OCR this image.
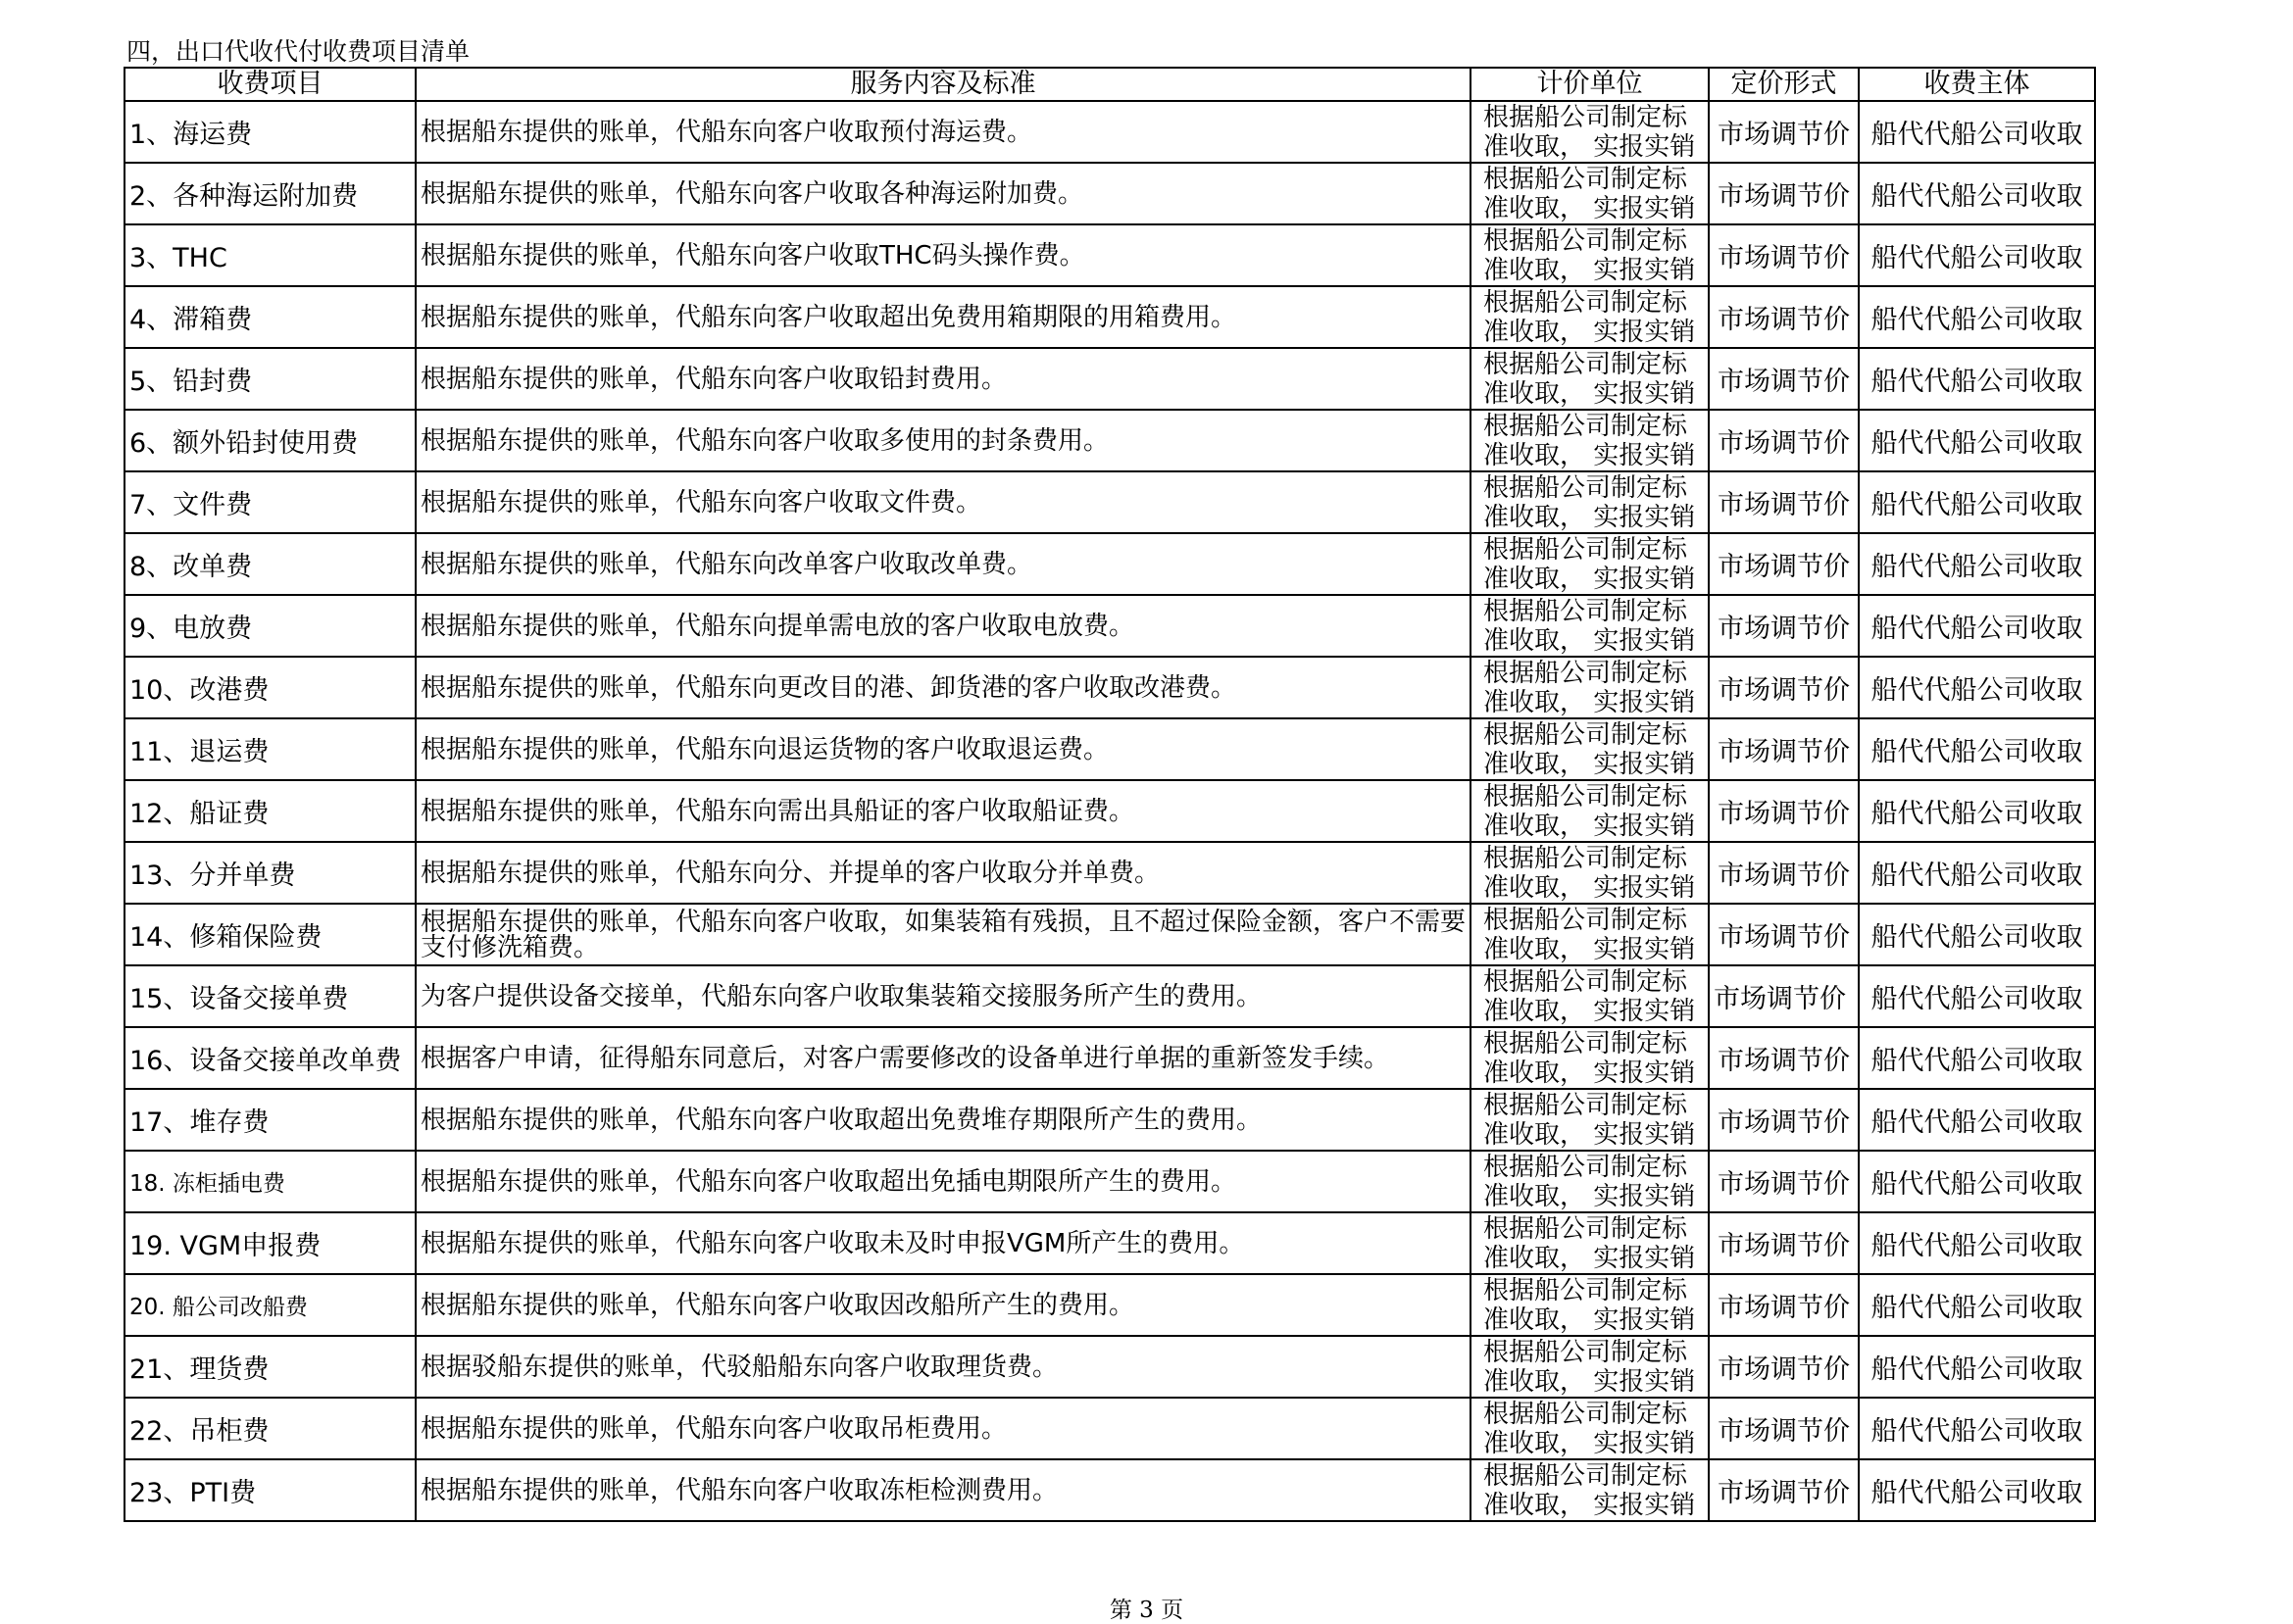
四，出口代收代付收费项目清单
收费项目	服务内容及标准	计价单位	定价形式	收费主体
1、海运费	根据船东提供的账单，代船东向客户收取预付海运费。	根据船公司制定标
准收取， 实报实销	市场调节价	船代代船公司收取
2、各种海运附加费	根据船东提供的账单，代船东向客户收取各种海运附加费。	根据船公司制定标
准收取， 实报实销	市场调节价	船代代船公司收取
3、THC	根据船东提供的账单，代船东向客户收取THC码头操作费。	根据船公司制定标
准收取， 实报实销	市场调节价	船代代船公司收取
4、滞箱费	根据船东提供的账单，代船东向客户收取超出免费用箱期限的用箱费用。	根据船公司制定标
准收取， 实报实销	市场调节价	船代代船公司收取
5、铅封费	根据船东提供的账单，代船东向客户收取铅封费用。	根据船公司制定标
准收取， 实报实销	市场调节价	船代代船公司收取
6、额外铅封使用费	根据船东提供的账单，代船东向客户收取多使用的封条费用。	根据船公司制定标
准收取， 实报实销	市场调节价	船代代船公司收取
7、文件费	根据船东提供的账单，代船东向客户收取文件费。	根据船公司制定标
准收取， 实报实销	市场调节价	船代代船公司收取
8、改单费	根据船东提供的账单，代船东向改单客户收取改单费。	根据船公司制定标
准收取， 实报实销	市场调节价	船代代船公司收取
9、电放费	根据船东提供的账单，代船东向提单需电放的客户收取电放费。	根据船公司制定标
准收取， 实报实销	市场调节价	船代代船公司收取
10、改港费	根据船东提供的账单，代船东向更改目的港、卸货港的客户收取改港费。	根据船公司制定标
准收取， 实报实销	市场调节价	船代代船公司收取
11、退运费	根据船东提供的账单，代船东向退运货物的客户收取退运费。	根据船公司制定标
准收取， 实报实销	市场调节价	船代代船公司收取
12、船证费	根据船东提供的账单，代船东向需出具船证的客户收取船证费。	根据船公司制定标
准收取， 实报实销	市场调节价	船代代船公司收取
13、分并单费	根据船东提供的账单，代船东向分、并提单的客户收取分并单费。	根据船公司制定标
准收取， 实报实销	市场调节价	船代代船公司收取
14、修箱保险费	根据船东提供的账单，代船东向客户收取，如集装箱有残损，且不超过保险金额，客户不需要支付修洗箱费。	根据船公司制定标
准收取， 实报实销	市场调节价	船代代船公司收取
15、设备交接单费	为客户提供设备交接单，代船东向客户收取集装箱交接服务所产生的费用。	根据船公司制定标
准收取， 实报实销	市场调节价	船代代船公司收取
16、设备交接单改单费	根据客户申请，征得船东同意后，对客户需要修改的设备单进行单据的重新签发手续。	根据船公司制定标
准收取， 实报实销	市场调节价	船代代船公司收取
17、堆存费	根据船东提供的账单，代船东向客户收取超出免费堆存期限所产生的费用。	根据船公司制定标
准收取， 实报实销	市场调节价	船代代船公司收取
18. 冻柜插电费	根据船东提供的账单，代船东向客户收取超出免插电期限所产生的费用。	根据船公司制定标
准收取， 实报实销	市场调节价	船代代船公司收取
19. VGM申报费	根据船东提供的账单，代船东向客户收取未及时申报VGM所产生的费用。	根据船公司制定标
准收取， 实报实销	市场调节价	船代代船公司收取
20. 船公司改船费	根据船东提供的账单，代船东向客户收取因改船所产生的费用。	根据船公司制定标
准收取， 实报实销	市场调节价	船代代船公司收取
21、理货费	根据驳船东提供的账单，代驳船船东向客户收取理货费。	根据船公司制定标
准收取， 实报实销	市场调节价	船代代船公司收取
22、吊柜费	根据船东提供的账单，代船东向客户收取吊柜费用。	根据船公司制定标
准收取， 实报实销	市场调节价	船代代船公司收取
23、PTI费	根据船东提供的账单，代船东向客户收取冻柜检测费用。	根据船公司制定标
准收取， 实报实销	市场调节价	船代代船公司收取
第 3 页
